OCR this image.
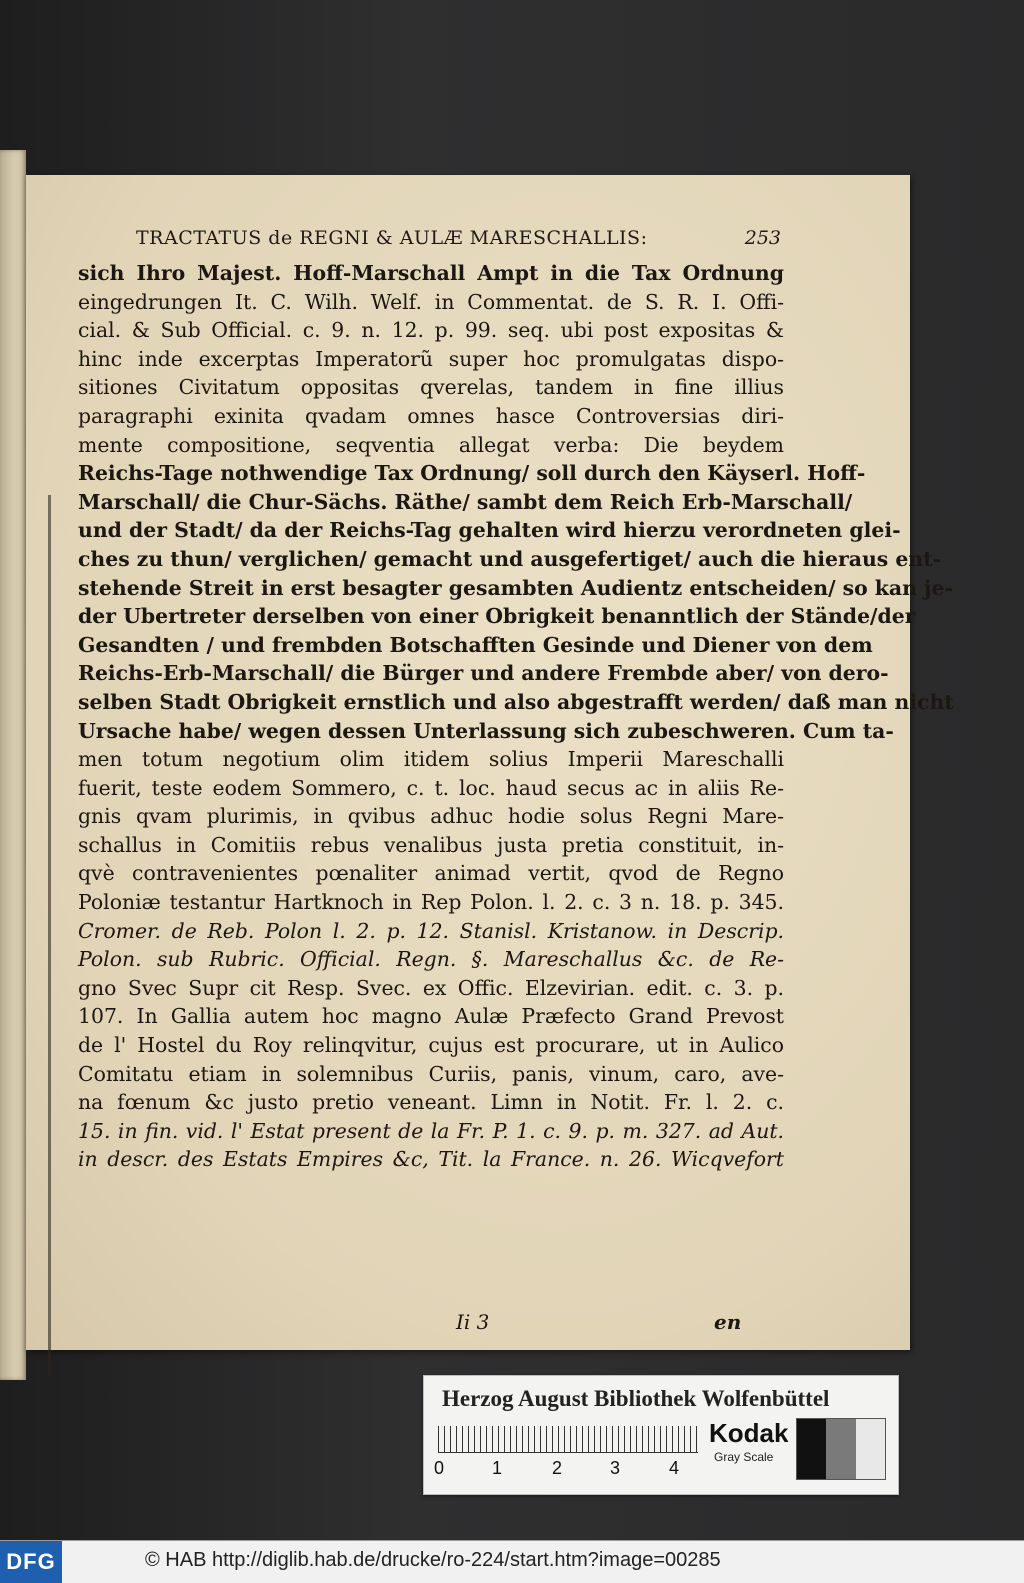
TRACTATUS de REGNI & AULÆ MARESCHALLIS:	253
sich Ihro Majest. Hoff-Marschall Ampt in die Tax Ordnung
eingedrungen It. C. Wilh. Welf. in Commentat. de S. R. I. Offi-
cial. & Sub Official. c. 9. n. 12. p. 99. seq. ubi post expositas &
hinc inde excerptas Imperatorũ super hoc promulgatas dispo-
sitiones Civitatum oppositas qverelas, tandem in fine illius
paragraphi exinita qvadam omnes hasce Controversias diri-
mente compositione, seqventia allegat verba: Die beydem
Reichs-Tage nothwendige Tax Ordnung/ soll durch den Käyserl. Hoff-
Marschall/ die Chur-Sächs. Räthe/ sambt dem Reich Erb-Marschall/
und der Stadt/ da der Reichs-Tag gehalten wird hierzu verordneten glei-
ches zu thun/ verglichen/ gemacht und ausgefertiget/ auch die hieraus ent-
stehende Streit in erst besagter gesambten Audientz entscheiden/ so kan je-
der Ubertreter derselben von einer Obrigkeit benanntlich der Stände/der
Gesandten / und frembden Botschafften Gesinde und Diener von dem
Reichs-Erb-Marschall/ die Bürger und andere Frembde aber/ von dero-
selben Stadt Obrigkeit ernstlich und also abgestrafft werden/ daß man nicht
Ursache habe/ wegen dessen Unterlassung sich zubeschweren. Cum ta-
men totum negotium olim itidem solius Imperii Mareschalli
fuerit, teste eodem Sommero, c. t. loc. haud secus ac in aliis Re-
gnis qvam plurimis, in qvibus adhuc hodie solus Regni Mare-
schallus in Comitiis rebus venalibus justa pretia constituit, in-
qvè contravenientes pœnaliter animad vertit, qvod de Regno
Poloniæ testantur Hartknoch in Rep Polon. l. 2. c. 3 n. 18. p. 345.
Cromer. de Reb. Polon l. 2. p. 12. Stanisl. Kristanow. in Descrip.
Polon. sub Rubric. Official. Regn. §. Mareschallus &c. de Re-
gno Svec Supr cit Resp. Svec. ex Offic. Elzevirian. edit. c. 3. p.
107. In Gallia autem hoc magno Aulæ Præfecto Grand Prevost
de l' Hostel du Roy relinqvitur, cujus est procurare, ut in Aulico
Comitatu etiam in solemnibus Curiis, panis, vinum, caro, ave-
na fœnum &c justo pretio veneant. Limn in Notit. Fr. l. 2. c.
15. in fin. vid. l' Estat present de la Fr. P. 1. c. 9. p. m. 327. ad Aut.
in descr. des Estats Empires &c, Tit. la France. n. 26. Wicqvefort
Ii 3	en
Herzog August Bibliothek Wolfenbüttel
0	1	2	3	4
Kodak
Gray Scale
DFG	© HAB http://diglib.hab.de/drucke/ro-224/start.htm?image=00285
